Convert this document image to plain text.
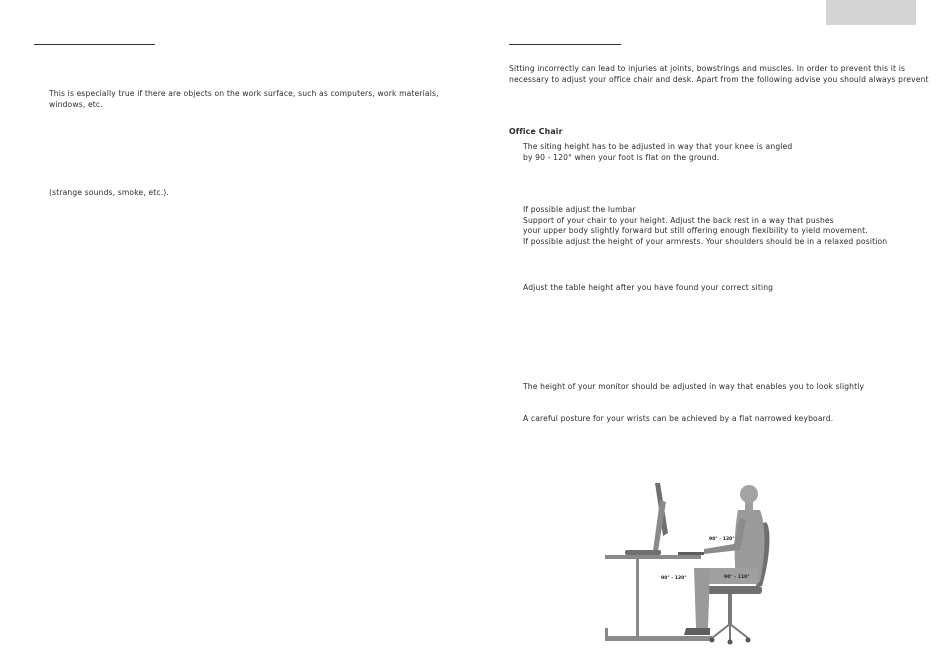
This is especially true if there are objects on the work surface, such as computers, work materials,
windows, etc.
(strange sounds, smoke, etc.).
Sitting incorrectly can lead to injuries at joints, bowstrings and muscles. In order to prevent this it is
necessary to adjust your office chair and desk. Apart from the following advise you should always prevent
Office Chair
The siting height has to be adjusted in way that your knee is angled
by 90 - 120° when your foot is flat on the ground.
If possible adjust the lumbar
Support of your chair to your height. Adjust the back rest in a way that pushes
your upper body slightly forward but still offering enough flexibility to yield movement.
If possible adjust the height of your armrests. Your shoulders should be in a relaxed position
Adjust the table height after you have found your correct siting
The height of your monitor should be adjusted in way that enables you to look slightly
A careful posture for your wrists can be achieved by a flat narrowed keyboard.
90° - 120°
90° - 120°	90° - 110°
